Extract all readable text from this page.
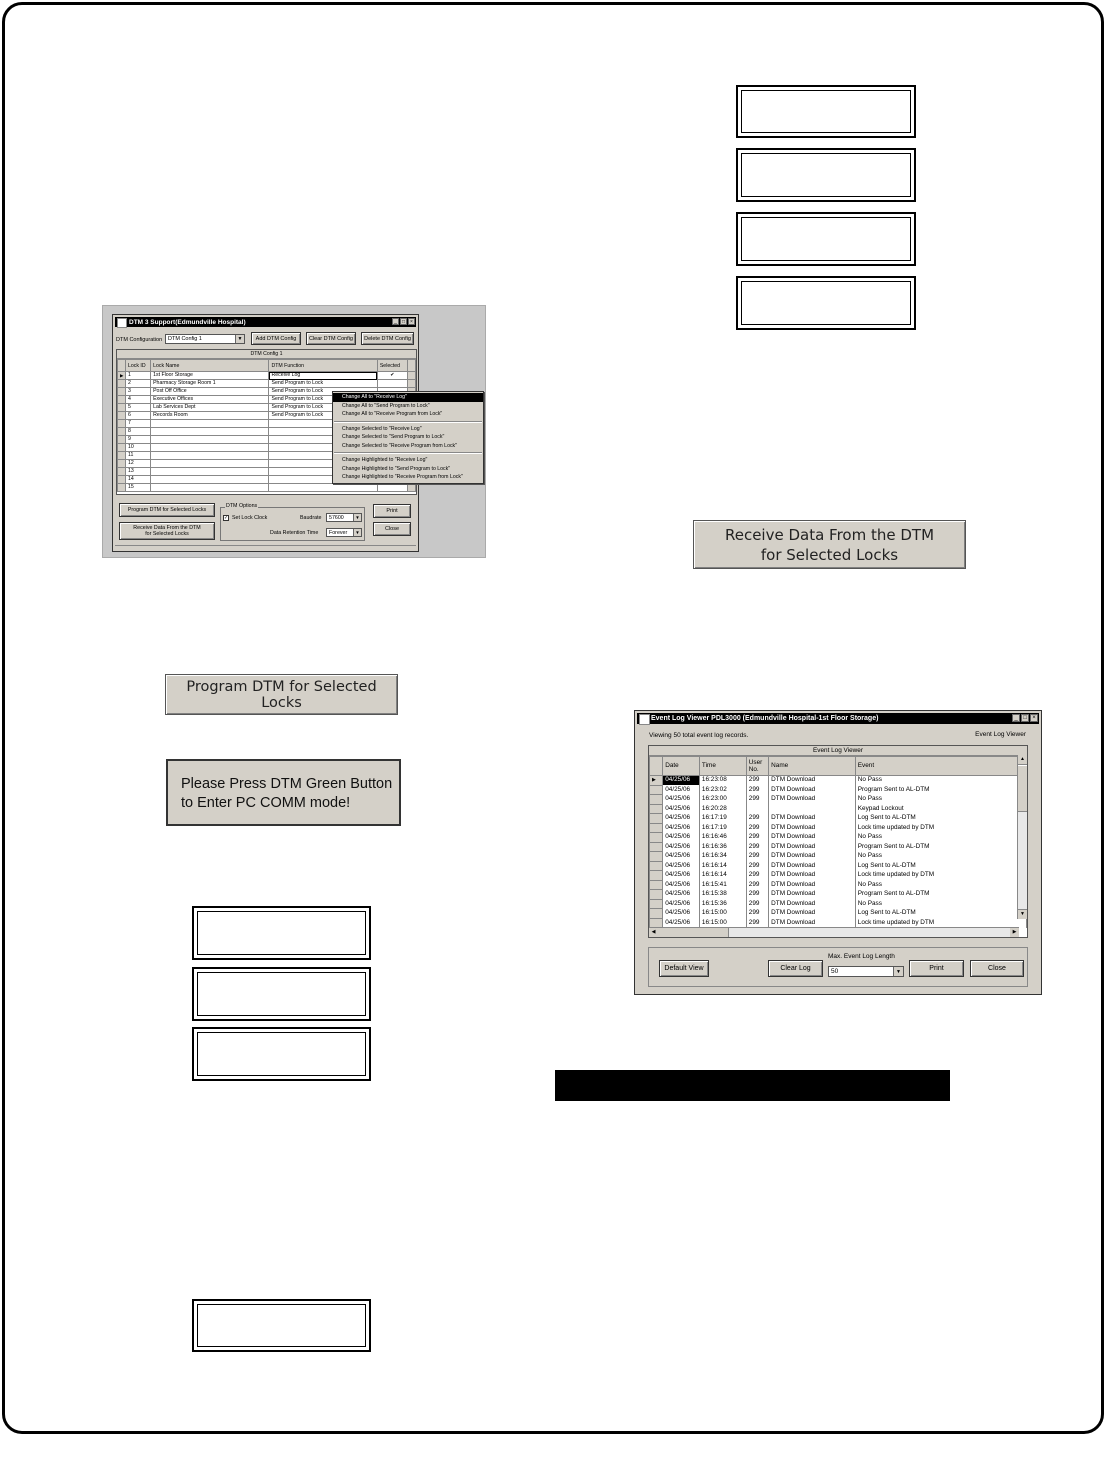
DTM 3 Support(Edmundville Hospital)	_	□	×
DTM Configuration DTM Config 1	▼	Add DTM Config	Clear DTM Config	Delete DTM Config
DTM Config 1
	Lock ID	Lock Name	DTM Function	Selected	
▶	1	1st Floor Storage	Receive Log	✔	
	2	Pharmacy Storage Room 1	Send Program to Lock		
	3	Post Off Office	Send Program to Lock		
	4	Executive Offices	Send Program to Lock		
	5	Lab Services Dept	Send Program to Lock		
	6	Records Room	Send Program to Lock		
	7				
	8				
	9				
	10				
	11				
	12				
	13				
	14				
	15				
Change All to "Receive Log"
Change All to "Send Program to Lock"
Change All to "Receive Program from Lock"
Change Selected to "Receive Log"
Change Selected to "Send Program to Lock"
Change Selected to "Receive Program from Lock"
Change Highlighted to "Receive Log"
Change Highlighted to "Send Program to Lock"
Change Highlighted to "Receive Program from Lock"
Program DTM for Selected Locks
Receive Data From the DTM for Selected Locks
DTM Options
✓ Set Lock Clock	Baudrate 57600	▼
Data Retention Time Forever	▼
Print
Close
Program DTM for Selected Locks
Please Press DTM Green Button
to Enter PC COMM mode!
Receive Data From the DTM for Selected Locks
Event Log Viewer PDL3000 (Edmundville Hospital-1st Floor Storage)	_ □ ×
Viewing 50 total event log records.	Event Log Viewer
Event Log Viewer
	Date	Time	User No.	Name	Event
▶	04/25/06	16:23:08	299	DTM Download	No Pass
	04/25/06	16:23:02	299	DTM Download	Program Sent to AL-DTM
	04/25/06	16:23:00	299	DTM Download	No Pass
	04/25/06	16:20:28			Keypad Lockout
	04/25/06	16:17:19	299	DTM Download	Log Sent to AL-DTM
	04/25/06	16:17:19	299	DTM Download	Lock time updated by DTM
	04/25/06	16:16:46	299	DTM Download	No Pass
	04/25/06	16:16:36	299	DTM Download	Program Sent to AL-DTM
	04/25/06	16:16:34	299	DTM Download	No Pass
	04/25/06	16:16:14	299	DTM Download	Log Sent to AL-DTM
	04/25/06	16:16:14	299	DTM Download	Lock time updated by DTM
	04/25/06	16:15:41	299	DTM Download	No Pass
	04/25/06	16:15:38	299	DTM Download	Program Sent to AL-DTM
	04/25/06	16:15:36	299	DTM Download	No Pass
	04/25/06	16:15:00	299	DTM Download	Log Sent to AL-DTM
	04/25/06	16:15:00	299	DTM Download	Lock time updated by DTM
▲
▼
◀	▶
Default View	Clear Log
Max. Event Log Length
50	▼	Print	Close
